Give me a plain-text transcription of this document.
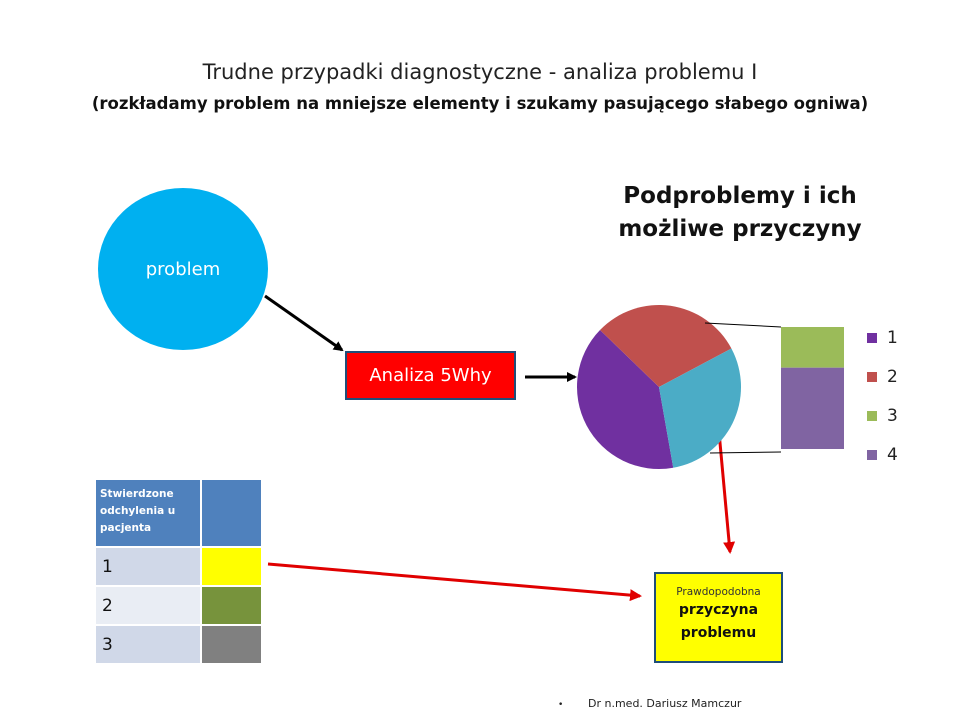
Trudne przypadki diagnostyczne - analiza problemu I
(rozkładamy problem na mniejsze elementy i szukamy pasującego słabego ogniwa)
problem
Analiza 5Why
Podproblemy i ich
możliwe przyczyny
1
2
3
4
Stwierdzone odchylenia u pacjenta	
1	
2	
3	
Prawdopodobna
przyczyna
problemu
• Dr n.med. Dariusz Mamczur
